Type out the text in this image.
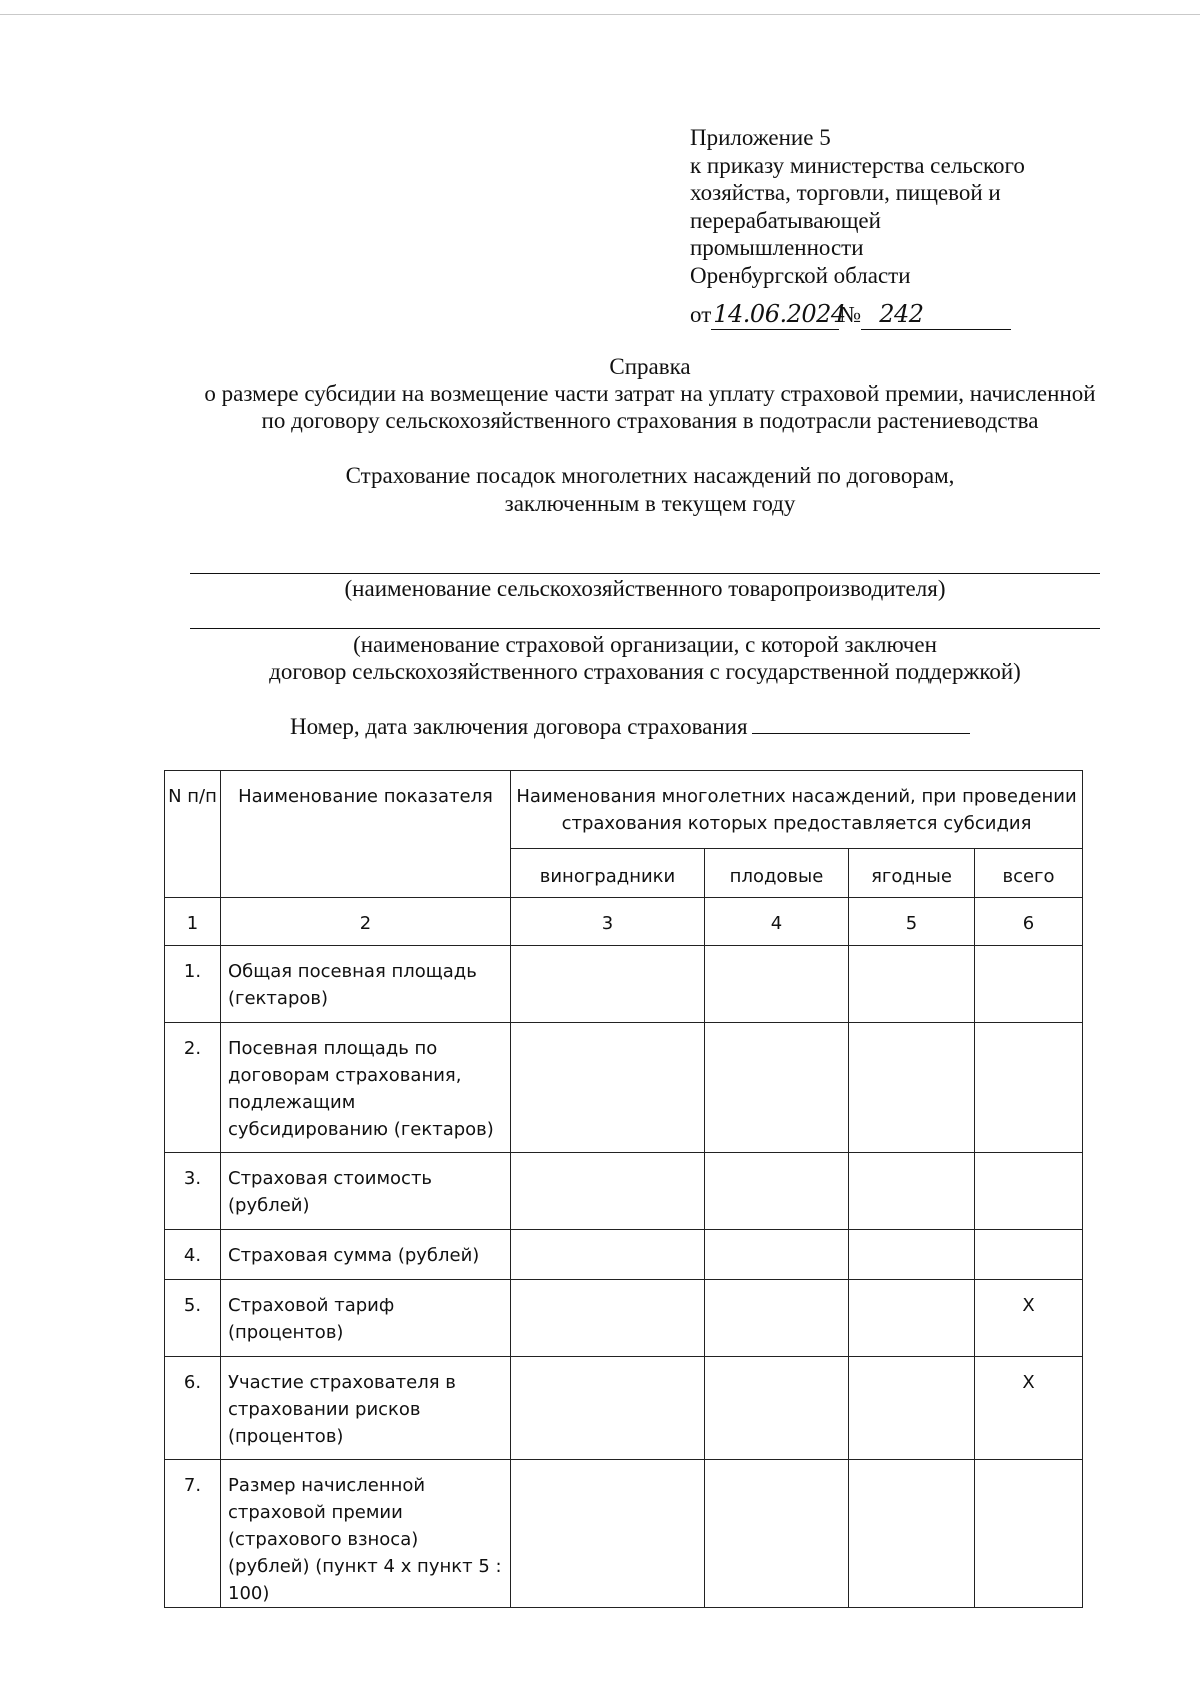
Приложение 5
к приказу министерства сельского
хозяйства, торговли, пищевой и
перерабатывающей
промышленности
Оренбургской области
от14.06.2024№ 242
Справка
о размере субсидии на возмещение части затрат на уплату страховой премии, начисленной
по договору сельскохозяйственного страхования в подотрасли растениеводства
Страхование посадок многолетних насаждений по договорам,
заключенным в текущем году
(наименование сельскохозяйственного товаропроизводителя)
(наименование страховой организации, с которой заключен
договор сельскохозяйственного страхования с государственной поддержкой)
Номер, дата заключения договора страхования
N п/п	Наименование показателя	Наименования многолетних насаждений, при проведении страхования которых предоставляется субсидия			
		виноградники	плодовые	ягодные	всего
1	2	3	4	5	6
1.	Общая посевная площадь (гектаров)				
2.	Посевная площадь по договорам страхования, подлежащим субсидированию (гектаров)				
3.	Страховая стоимость (рублей)				
4.	Страховая сумма (рублей)				
5.	Страховой тариф (процентов)				X
6.	Участие страхователя в страховании рисков (процентов)				X
7.	Размер начисленной страховой премии (страхового взноса) (рублей) (пункт 4 x пункт 5 : 100)				
